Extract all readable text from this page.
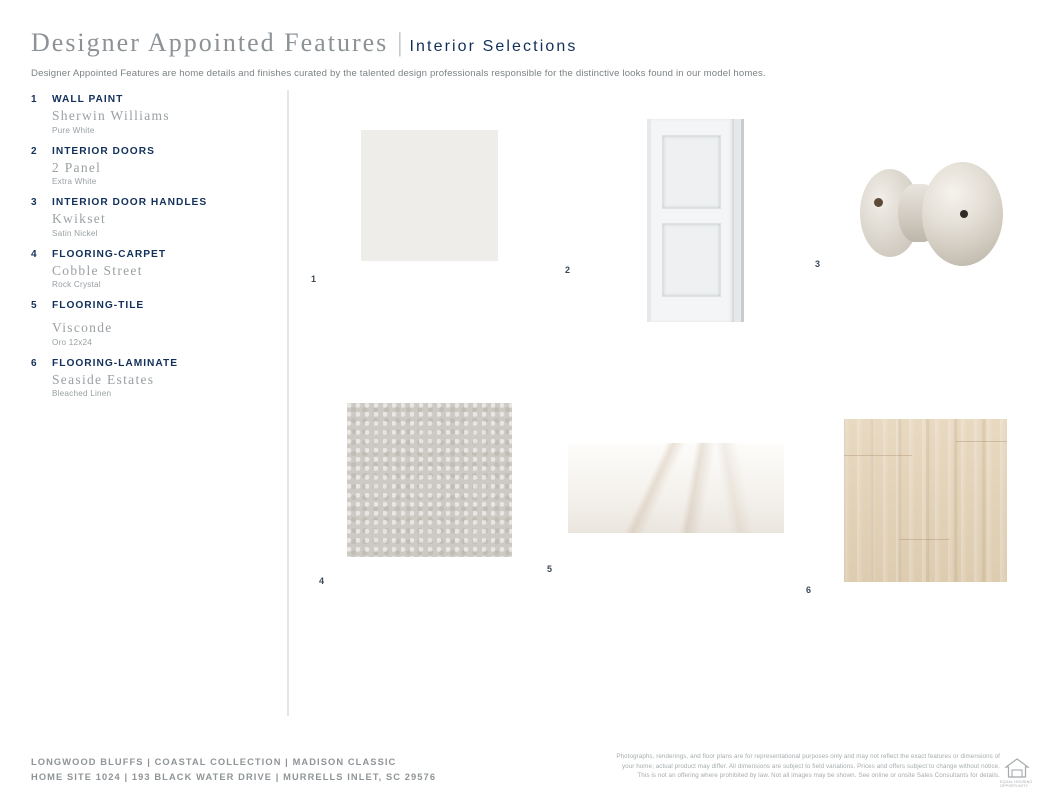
Designer Appointed Features | Interior Selections
Designer Appointed Features are home details and finishes curated by the talented design professionals responsible for the distinctive looks found in our model homes.
1	WALL PAINT
Sherwin Williams
Pure White
2	INTERIOR DOORS
2 Panel
Extra White
3	INTERIOR DOOR HANDLES
Kwikset
Satin Nickel
4	FLOORING-CARPET
Cobble Street
Rock Crystal
5	FLOORING-TILE
Visconde
Oro 12x24
6	FLOORING-LAMINATE
Seaside Estates
Bleached Linen
1
2
3
4
5
6
LONGWOOD BLUFFS | COASTAL COLLECTION | MADISON CLASSIC
HOME SITE 1024 | 193 BLACK WATER DRIVE | MURRELLS INLET, SC 29576
Photographs, renderings, and floor plans are for representational purposes only and may not reflect the exact features or dimensions of
your home; actual product may differ. All dimensions are subject to field variations. Prices and offers subject to change without notice.
This is not an offering where prohibited by law. Not all images may be shown. See online or onsite Sales Consultants for details.
EQUAL HOUSING OPPORTUNITY
